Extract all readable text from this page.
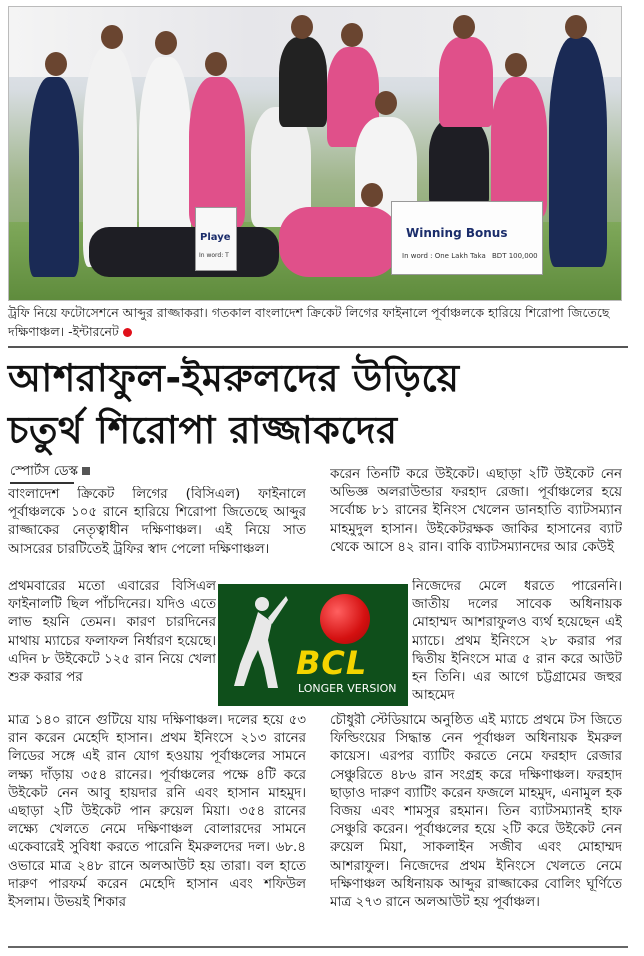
Playe
In word: T
Winning Bonus
In word : One Lakh Taka BDT 100,000
ট্রফি নিয়ে ফটোসেশনে আব্দুর রাজ্জাকরা। গতকাল বাংলাদেশ ক্রিকেট লিগের ফাইনালে পূর্বাঞ্চলকে হারিয়ে শিরোপা জিতেছে দক্ষিণাঞ্চল। -ইন্টারনেট
আশরাফুল-ইমরুলদের উড়িয়ে
চতুর্থ শিরোপা রাজ্জাকদের
স্পোর্টস ডেস্ক
বাংলাদেশ ক্রিকেট লিগের (বিসিএল) ফাইনালে পূর্বাঞ্চলকে ১০৫ রানে হারিয়ে শিরোপা জিতেছে আব্দুর রাজ্জাকের নেতৃত্বাধীন দক্ষিণাঞ্চল। এই নিয়ে সাত আসরের চারটিতেই ট্রফির স্বাদ পেলো দক্ষিণাঞ্চল।
প্রথমবারের মতো এবারের বিসিএল ফাইনালটি ছিল পাঁচদিনের। যদিও এতে লাভ হয়নি তেমন। কারণ চারদিনের মাথায় ম্যাচের ফলাফল নির্ধারণ হয়েছে। এদিন ৮ উইকেটে ১২৫ রান নিয়ে খেলা শুরু করার পর
মাত্র ১৪০ রানে গুটিয়ে যায় দক্ষিণাঞ্চল। দলের হয়ে ৫৩ রান করেন মেহেদি হাসান। প্রথম ইনিংসে ২১৩ রানের লিডের সঙ্গে এই রান যোগ হওয়ায় পূর্বাঞ্চলের সামনে লক্ষ্য দাঁড়ায় ৩৫৪ রানের। পূর্বাঞ্চলের পক্ষে ৪টি করে উইকেট নেন আবু হায়দার রনি এবং হাসান মাহমুদ। এছাড়া ২টি উইকেট পান রুয়েল মিয়া। ৩৫৪ রানের লক্ষ্যে খেলতে নেমে দক্ষিণাঞ্চল বোলারদের সামনে একেবারেই সুবিধা করতে পারেনি ইমরুলদের দল। ৬৮.৪ ওভারে মাত্র ২৪৮ রানে অলআউট হয় তারা। বল হাতে দারুণ পারফর্ম করেন মেহেদি হাসান এবং শফিউল ইসলাম। উভয়ই শিকার
করেন তিনটি করে উইকেট। এছাড়া ২টি উইকেট নেন অভিজ্ঞ অলরাউন্ডার ফরহাদ রেজা। পূর্বাঞ্চলের হয়ে সর্বোচ্চ ৮১ রানের ইনিংস খেলেন ডানহাতি ব্যাটসম্যান মাহমুদুল হাসান। উইকেটরক্ষক জাকির হাসানের ব্যাট থেকে আসে ৪২ রান। বাকি ব্যাটসম্যানদের আর কেউই
নিজেদের মেলে ধরতে পারেননি। জাতীয় দলের সাবেক অধিনায়ক মোহাম্মদ আশরাফুলও ব্যর্থ হয়েছেন এই ম্যাচে। প্রথম ইনিংসে ২৮ করার পর দ্বিতীয় ইনিংসে মাত্র ৫ রান করে আউট হন তিনি। এর আগে চট্টগ্রামের জহুর আহমেদ
চৌধুরী স্টেডিয়ামে অনুষ্ঠিত এই ম্যাচে প্রথমে টস জিতে ফিল্ডিংয়ের সিদ্ধান্ত নেন পূর্বাঞ্চল অধিনায়ক ইমরুল কায়েস। এরপর ব্যাটিং করতে নেমে ফরহাদ রেজার সেঞ্চুরিতে ৪৮৬ রান সংগ্রহ করে দক্ষিণাঞ্চল। ফরহাদ ছাড়াও দারুণ ব্যাটিং করেন ফজলে মাহমুদ, এনামুল হক বিজয় এবং শামসুর রহমান। তিন ব্যাটসম্যানই হাফ সেঞ্চুরি করেন। পূর্বাঞ্চলের হয়ে ২টি করে উইকেট নেন রুয়েল মিয়া, সাকলাইন সজীব এবং মোহাম্মদ আশরাফুল। নিজেদের প্রথম ইনিংসে খেলতে নেমে দক্ষিণাঞ্চল অধিনায়ক আব্দুর রাজ্জাকের বোলিং ঘূর্ণিতে মাত্র ২৭৩ রানে অলআউট হয় পূর্বাঞ্চল।
BCL
LONGER VERSION
